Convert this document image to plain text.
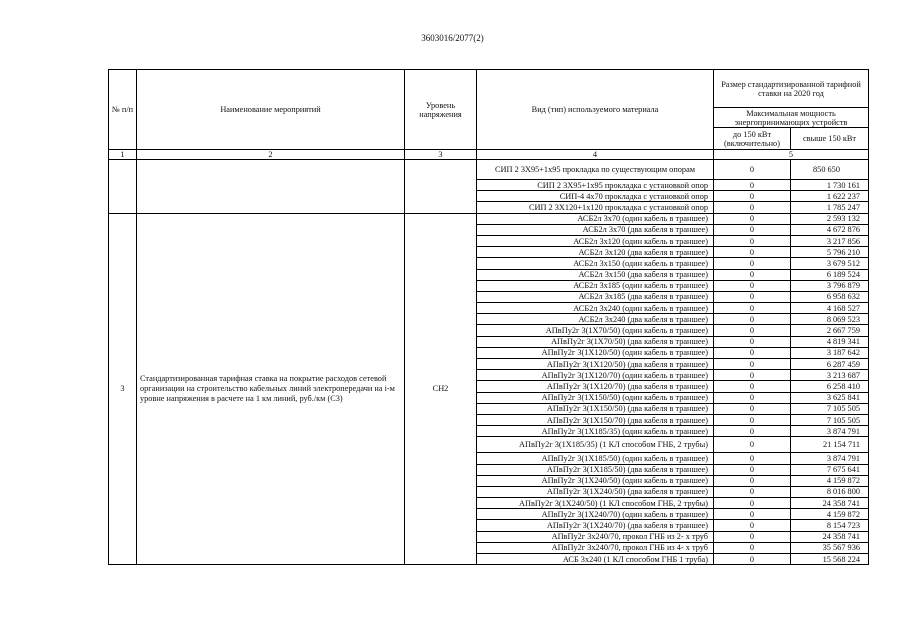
3603016/2077(2)
№ п/п	Наименование мероприятий	Уровень напряжения	Вид (тип) используемого материала	Размер стандартизированной тарифной ставки на 2020 год	
				Максимальная мощность энергопринимающих устройств	
				до 150 кВт (включительно)	свыше 150 кВт
1	2	3	4	5	
			СИП 2 3Х95+1х95 прокладка по существующим опорам	0	850 650
			СИП 2 3Х95+1х95 прокладка с установкой опор	0	1 730 161
			СИП-4 4х70 прокладка с установкой опор	0	1 622 237
			СИП 2 3Х120+1х120 прокладка с установкой опор	0	1 785 247
3	Стандартизированная тарифная ставка на покрытие расходов сетевой организации на строительство кабельных линий электропередачи на i-м уровне напряжения в расчете на 1 км линий, руб./км (С3)	СН2	АСБ2л 3х70 (один кабель в траншее)	0	2 593 132
			АСБ2л 3х70 (два кабеля в траншее)	0	4 672 876
			АСБ2л 3х120 (один кабель в траншее)	0	3 217 856
			АСБ2л 3х120 (два кабеля в траншее)	0	5 796 210
			АСБ2л 3х150 (один кабель в траншее)	0	3 679 512
			АСБ2л 3х150 (два кабеля в траншее)	0	6 189 524
			АСБ2л 3х185 (один кабель в траншее)	0	3 796 879
			АСБ2л 3х185 (два кабеля в траншее)	0	6 958 632
			АСБ2л 3х240 (один кабель в траншее)	0	4 168 527
			АСБ2л 3х240 (два кабеля в траншее)	0	8 069 523
			АПвПу2г 3(1Х70/50) (один кабель в траншее)	0	2 667 759
			АПвПу2г 3(1Х70/50) (два кабеля в траншее)	0	4 819 341
			АПвПу2г 3(1Х120/50) (один кабель в траншее)	0	3 187 642
			АПвПу2г 3(1Х120/50) (два кабеля в траншее)	0	6 287 459
			АПвПу2г 3(1Х120/70) (один кабель в траншее)	0	3 213 687
			АПвПу2г 3(1Х120/70) (два кабеля в траншее)	0	6 258 410
			АПвПу2г 3(1Х150/50) (один кабель в траншее)	0	3 625 841
			АПвПу2г 3(1Х150/50) (два кабеля в траншее)	0	7 105 505
			АПвПу2г 3(1Х150/70) (два кабеля в траншее)	0	7 105 505
			АПвПу2г 3(1Х185/35) (один кабель в траншее)	0	3 874 791
			АПвПу2г 3(1Х185/35) (1 КЛ способом ГНБ, 2 трубы)	0	21 154 711
			АПвПу2г 3(1Х185/50) (один кабель в траншее)	0	3 874 791
			АПвПу2г 3(1Х185/50) (два кабеля в траншее)	0	7 675 641
			АПвПу2г 3(1Х240/50) (один кабель в траншее)	0	4 159 872
			АПвПу2г 3(1Х240/50) (два кабеля в траншее)	0	8 016 800
			АПвПу2г 3(1Х240/50) (1 КЛ способом ГНБ, 2 трубы)	0	24 358 741
			АПвПу2г 3(1Х240/70) (один кабель в траншее)	0	4 159 872
			АПвПу2г 3(1Х240/70) (два кабеля в траншее)	0	8 154 723
			АПвПу2г 3х240/70, прокол ГНБ из 2- х труб	0	24 358 741
			АПвПу2г 3х240/70, прокол ГНБ из 4- х труб	0	35 567 936
			АСБ 3х240 (1 КЛ способом ГНБ 1 труба)	0	15 568 224
